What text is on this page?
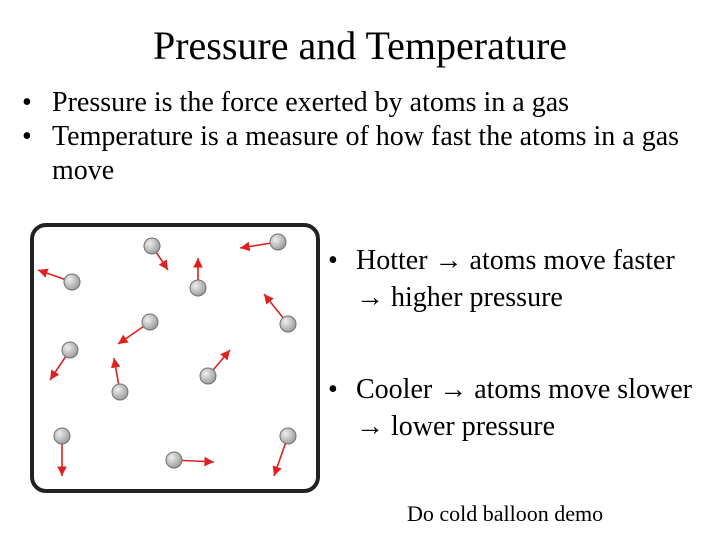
Pressure and Temperature
• Pressure is the force exerted by atoms in a gas
• Temperature is a measure of how fast the atoms in a gas move
• Hotter → atoms move faster → higher pressure
• Cooler → atoms move slower → lower pressure
Do cold balloon demo
